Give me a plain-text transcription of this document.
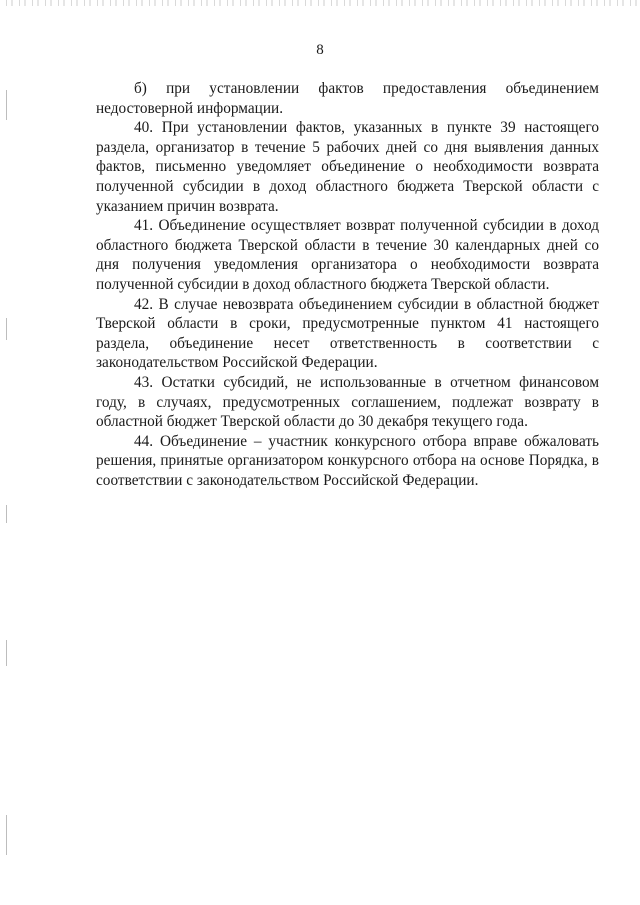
8

б) при установлении фактов предоставления объединением недостоверной информации.

40. При установлении фактов, указанных в пункте 39 настоящего раздела, организатор в течение 5 рабочих дней со дня выявления данных фактов, письменно уведомляет объединение о необходимости возврата полученной субсидии в доход областного бюджета Тверской области с указанием причин возврата.

41. Объединение осуществляет возврат полученной субсидии в доход областного бюджета Тверской области в течение 30 календарных дней со дня получения уведомления организатора о необходимости возврата полученной субсидии в доход областного бюджета Тверской области.

42. В случае невозврата объединением субсидии в областной бюджет Тверской области в сроки, предусмотренные пунктом 41 настоящего раздела, объединение несет ответственность в соответствии с законодательством Российской Федерации.

43. Остатки субсидий, не использованные в отчетном финансовом году, в случаях, предусмотренных соглашением, подлежат возврату в областной бюджет Тверской области до 30 декабря текущего года.

44. Объединение – участник конкурсного отбора вправе обжаловать решения, принятые организатором конкурсного отбора на основе Порядка, в соответствии с законодательством Российской Федерации.
